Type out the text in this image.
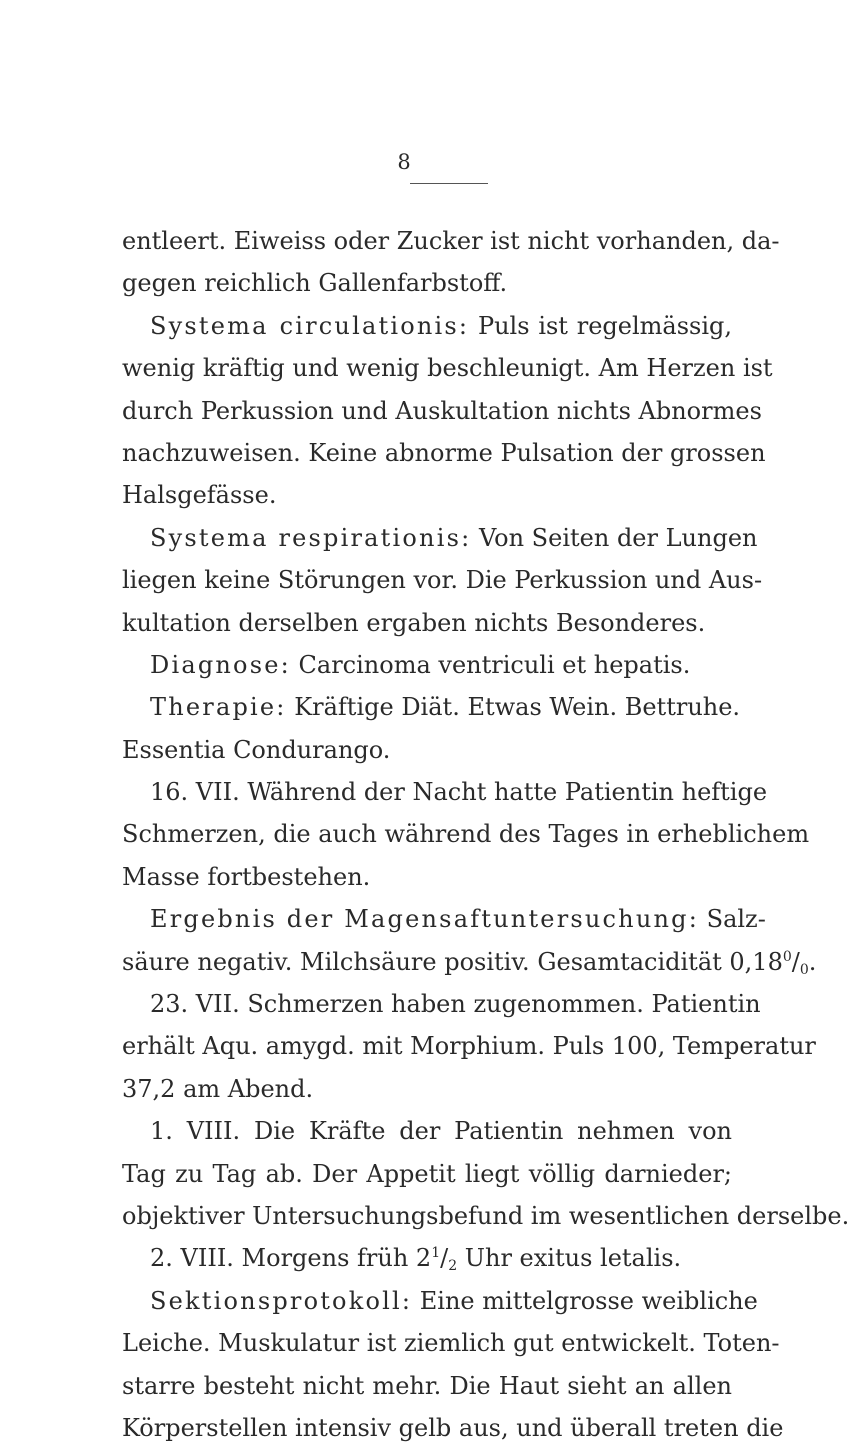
8
entleert. Eiweiss oder Zucker ist nicht vorhanden, da-
gegen reichlich Gallenfarbstoff.
Systema circulationis: Puls ist regelmässig,
wenig kräftig und wenig beschleunigt. Am Herzen ist
durch Perkussion und Auskultation nichts Abnormes
nachzuweisen. Keine abnorme Pulsation der grossen
Halsgefässe.
Systema respirationis: Von Seiten der Lungen
liegen keine Störungen vor. Die Perkussion und Aus-
kultation derselben ergaben nichts Besonderes.
Diagnose: Carcinoma ventriculi et hepatis.
Therapie: Kräftige Diät. Etwas Wein. Bettruhe.
Essentia Condurango.
16. VII. Während der Nacht hatte Patientin heftige
Schmerzen, die auch während des Tages in erheblichem
Masse fortbestehen.
Ergebnis der Magensaftuntersuchung: Salz-
säure negativ. Milchsäure positiv. Gesamtacidität $0,18^0/_0$.
23. VII. Schmerzen haben zugenommen. Patientin
erhält Aqu. amygd. mit Morphium. Puls 100, Temperatur
37,2 am Abend.
1. VIII. Die Kräfte der Patientin nehmen von
Tag zu Tag ab. Der Appetit liegt völlig darnieder;
objektiver Untersuchungsbefund im wesentlichen derselbe.
2. VIII. Morgens früh $2^1/_2$ Uhr exitus letalis.
Sektionsprotokoll: Eine mittelgrosse weibliche
Leiche. Muskulatur ist ziemlich gut entwickelt. Toten-
starre besteht nicht mehr. Die Haut sieht an allen
Körperstellen intensiv gelb aus, und überall treten die
